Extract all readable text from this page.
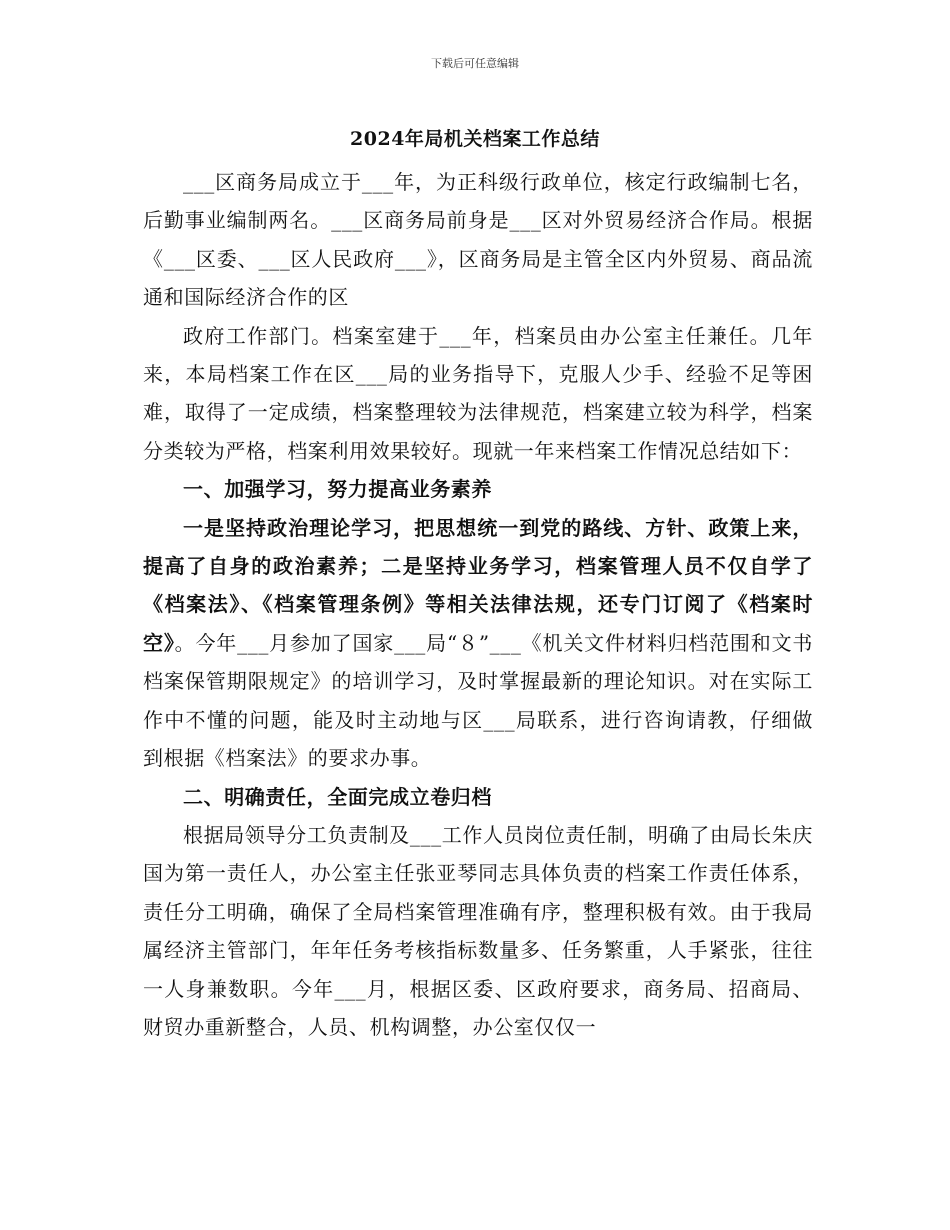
下载后可任意编辑
2024年局机关档案工作总结

___区商务局成立于___年，为正科级行政单位，核定行政编制七名，后勤事业编制两名。___区商务局前身是___区对外贸易经济合作局。根据《___区委、___区人民政府___》，区商务局是主管全区内外贸易、商品流通和国际经济合作的区

政府工作部门。档案室建于___年，档案员由办公室主任兼任。几年来，本局档案工作在区___局的业务指导下，克服人少手、经验不足等困难，取得了一定成绩，档案整理较为法律规范，档案建立较为科学，档案分类较为严格，档案利用效果较好。现就一年来档案工作情况总结如下：

一、加强学习，努力提高业务素养

一是坚持政治理论学习，把思想统一到党的路线、方针、政策上来，提高了自身的政治素养；二是坚持业务学习，档案管理人员不仅自学了《档案法》、《档案管理条例》等相关法律法规，还专门订阅了《档案时空》。今年___月参加了国家___局“８”___《机关文件材料归档范围和文书档案保管期限规定》的培训学习，及时掌握最新的理论知识。对在实际工作中不懂的问题，能及时主动地与区___局联系，进行咨询请教，仔细做到根据《档案法》的要求办事。

二、明确责任，全面完成立卷归档

根据局领导分工负责制及___工作人员岗位责任制，明确了由局长朱庆国为第一责任人，办公室主任张亚琴同志具体负责的档案工作责任体系，责任分工明确，确保了全局档案管理准确有序，整理积极有效。由于我局属经济主管部门，年年任务考核指标数量多、任务繁重，人手紧张，往往一人身兼数职。今年___月，根据区委、区政府要求，商务局、招商局、财贸办重新整合，人员、机构调整，办公室仅仅一
